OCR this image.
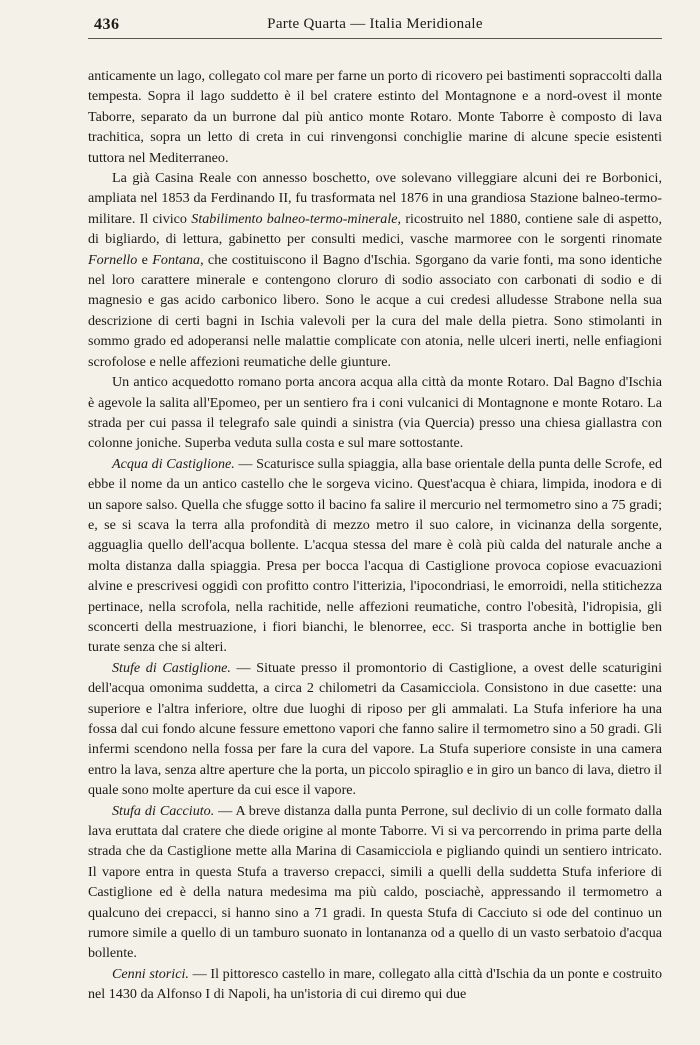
436	Parte Quarta — Italia Meridionale

anticamente un lago, collegato col mare per farne un porto di ricovero pei bastimenti sopraccolti dalla tempesta. Sopra il lago suddetto è il bel cratere estinto del Montagnone e a nord-ovest il monte Taborre, separato da un burrone dal più antico monte Rotaro. Monte Taborre è composto di lava trachitica, sopra un letto di creta in cui rinvengonsi conchiglie marine di alcune specie esistenti tuttora nel Mediterraneo.

La già Casina Reale con annesso boschetto, ove solevano villeggiare alcuni dei re Borbonici, ampliata nel 1853 da Ferdinando II, fu trasformata nel 1876 in una grandiosa Stazione balneo-termo-militare. Il civico Stabilimento balneo-termo-minerale, ricostruito nel 1880, contiene sale di aspetto, di bigliardo, di lettura, gabinetto per consulti medici, vasche marmoree con le sorgenti rinomate Fornello e Fontana, che costituiscono il Bagno d'Ischia. Sgorgano da varie fonti, ma sono identiche nel loro carattere minerale e contengono cloruro di sodio associato con carbonati di sodio e di magnesio e gas acido carbonico libero. Sono le acque a cui credesi alludesse Strabone nella sua descrizione di certi bagni in Ischia valevoli per la cura del male della pietra. Sono stimolanti in sommo grado ed adoperansi nelle malattie complicate con atonia, nelle ulceri inerti, nelle enfiagioni scrofolose e nelle affezioni reumatiche delle giunture.

Un antico acquedotto romano porta ancora acqua alla città da monte Rotaro. Dal Bagno d'Ischia è agevole la salita all'Epomeo, per un sentiero fra i coni vulcanici di Montagnone e monte Rotaro. La strada per cui passa il telegrafo sale quindi a sinistra (via Quercia) presso una chiesa giallastra con colonne joniche. Superba veduta sulla costa e sul mare sottostante.

Acqua di Castiglione. — Scaturisce sulla spiaggia, alla base orientale della punta delle Scrofe, ed ebbe il nome da un antico castello che le sorgeva vicino. Quest'acqua è chiara, limpida, inodora e di un sapore salso. Quella che sfugge sotto il bacino fa salire il mercurio nel termometro sino a 75 gradi; e, se si scava la terra alla profondità di mezzo metro il suo calore, in vicinanza della sorgente, agguaglia quello dell'acqua bollente. L'acqua stessa del mare è colà più calda del naturale anche a molta distanza dalla spiaggia. Presa per bocca l'acqua di Castiglione provoca copiose evacuazioni alvine e prescrivesi oggidì con profitto contro l'itterizia, l'ipocondriasi, le emorroidi, nella stitichezza pertinace, nella scrofola, nella rachitide, nelle affezioni reumatiche, contro l'obesità, l'idropisia, gli sconcerti della mestruazione, i fiori bianchi, le blenorree, ecc. Si trasporta anche in bottiglie ben turate senza che si alteri.

Stufe di Castiglione. — Situate presso il promontorio di Castiglione, a ovest delle scaturigini dell'acqua omonima suddetta, a circa 2 chilometri da Casamicciola. Consistono in due casette: una superiore e l'altra inferiore, oltre due luoghi di riposo per gli ammalati. La Stufa inferiore ha una fossa dal cui fondo alcune fessure emettono vapori che fanno salire il termometro sino a 50 gradi. Gli infermi scendono nella fossa per fare la cura del vapore. La Stufa superiore consiste in una camera entro la lava, senza altre aperture che la porta, un piccolo spiraglio e in giro un banco di lava, dietro il quale sono molte aperture da cui esce il vapore.

Stufa di Cacciuto. — A breve distanza dalla punta Perrone, sul declivio di un colle formato dalla lava eruttata dal cratere che diede origine al monte Taborre. Vi si va percorrendo in prima parte della strada che da Castiglione mette alla Marina di Casamicciola e pigliando quindi un sentiero intricato. Il vapore entra in questa Stufa a traverso crepacci, simili a quelli della suddetta Stufa inferiore di Castiglione ed è della natura medesima ma più caldo, posciachè, appressando il termometro a qualcuno dei crepacci, si hanno sino a 71 gradi. In questa Stufa di Cacciuto si ode del continuo un rumore simile a quello di un tamburo suonato in lontananza od a quello di un vasto serbatoio d'acqua bollente.

Cenni storici. — Il pittoresco castello in mare, collegato alla città d'Ischia da un ponte e costruito nel 1430 da Alfonso I di Napoli, ha un'istoria di cui diremo qui due
